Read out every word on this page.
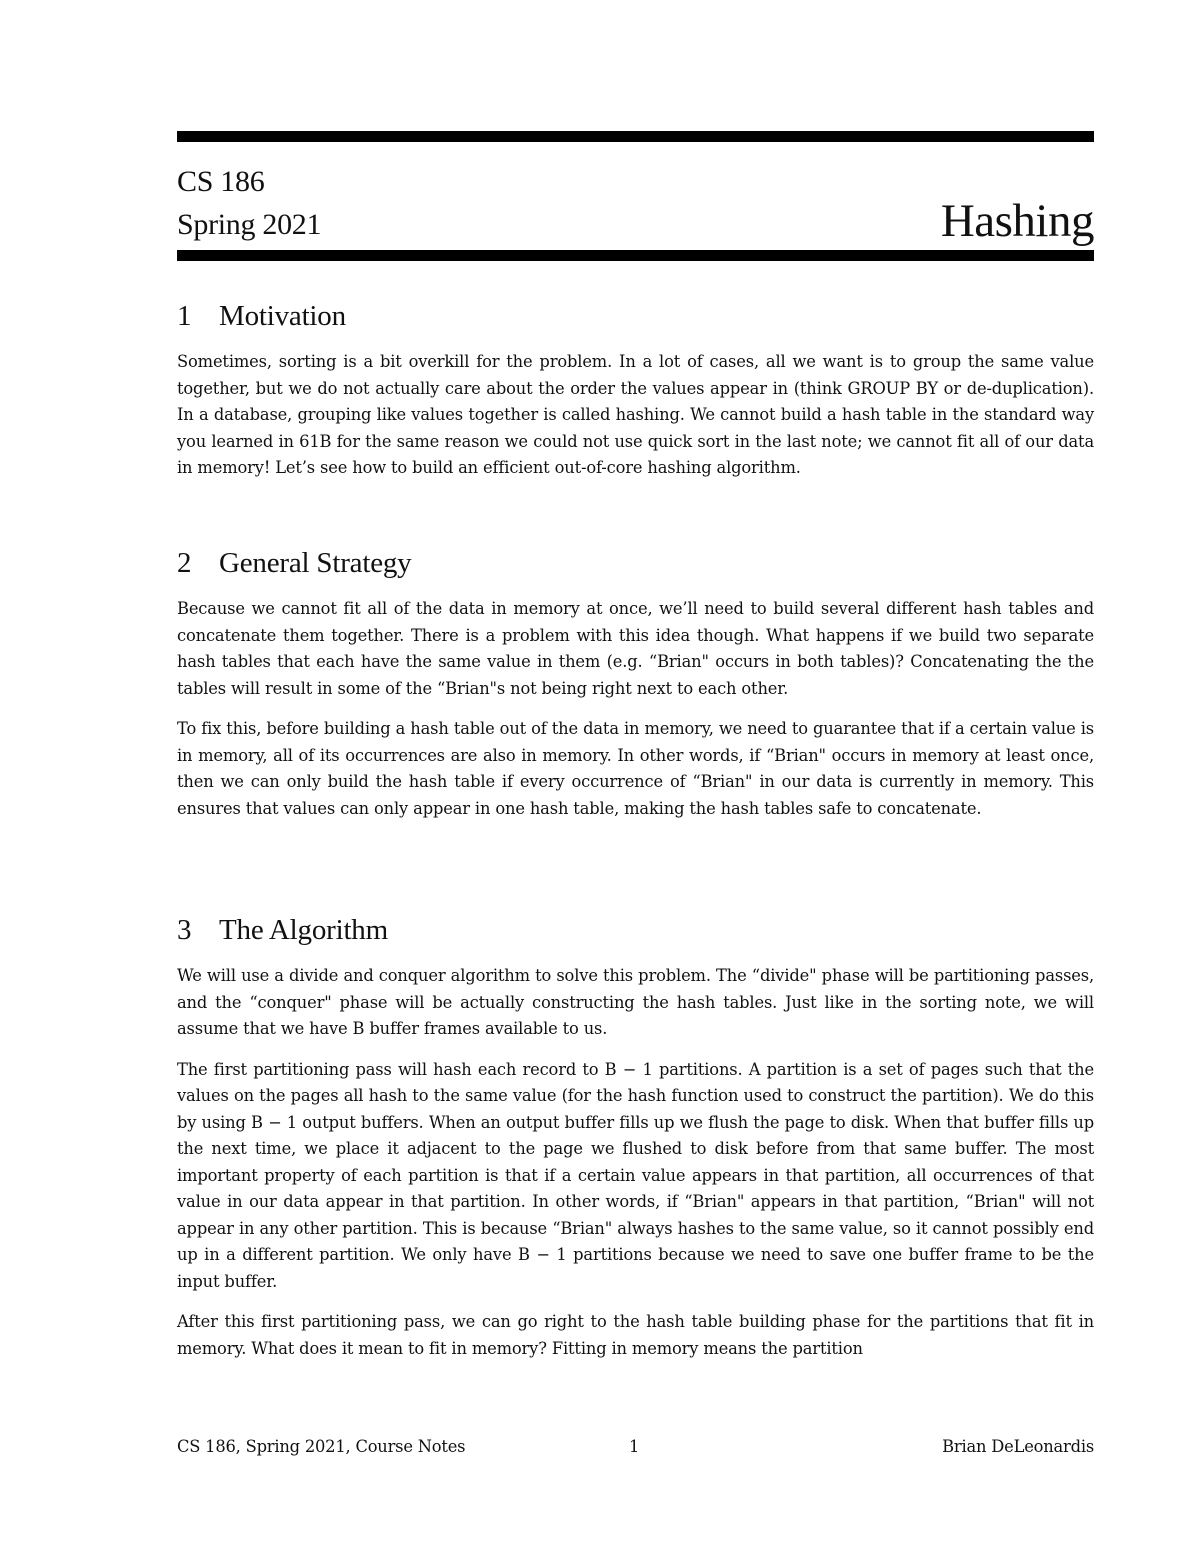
CS 186
Spring 2021	Hashing
1 Motivation

Sometimes, sorting is a bit overkill for the problem. In a lot of cases, all we want is to group the same value together, but we do not actually care about the order the values appear in (think GROUP BY or de-duplication). In a database, grouping like values together is called hashing. We cannot build a hash table in the standard way you learned in 61B for the same reason we could not use quick sort in the last note; we cannot fit all of our data in memory! Let’s see how to build an efficient out-of-core hashing algorithm.

2 General Strategy

Because we cannot fit all of the data in memory at once, we’ll need to build several different hash tables and concatenate them together. There is a problem with this idea though. What happens if we build two separate hash tables that each have the same value in them (e.g. “Brian" occurs in both tables)? Concatenating the the tables will result in some of the “Brian"s not being right next to each other.

To fix this, before building a hash table out of the data in memory, we need to guarantee that if a certain value is in memory, all of its occurrences are also in memory. In other words, if “Brian" occurs in memory at least once, then we can only build the hash table if every occurrence of “Brian" in our data is currently in memory. This ensures that values can only appear in one hash table, making the hash tables safe to concatenate.

3 The Algorithm

We will use a divide and conquer algorithm to solve this problem. The “divide" phase will be partitioning passes, and the “conquer" phase will be actually constructing the hash tables. Just like in the sorting note, we will assume that we have B buffer frames available to us.

The first partitioning pass will hash each record to B − 1 partitions. A partition is a set of pages such that the values on the pages all hash to the same value (for the hash function used to construct the partition). We do this by using B − 1 output buffers. When an output buffer fills up we flush the page to disk. When that buffer fills up the next time, we place it adjacent to the page we flushed to disk before from that same buffer. The most important property of each partition is that if a certain value appears in that partition, all occurrences of that value in our data appear in that partition. In other words, if “Brian" appears in that partition, “Brian" will not appear in any other partition. This is because “Brian" always hashes to the same value, so it cannot possibly end up in a different partition. We only have B − 1 partitions because we need to save one buffer frame to be the input buffer.

After this first partitioning pass, we can go right to the hash table building phase for the partitions that fit in memory. What does it mean to fit in memory? Fitting in memory means the partition

CS 186, Spring 2021, Course Notes	1	Brian DeLeonardis
